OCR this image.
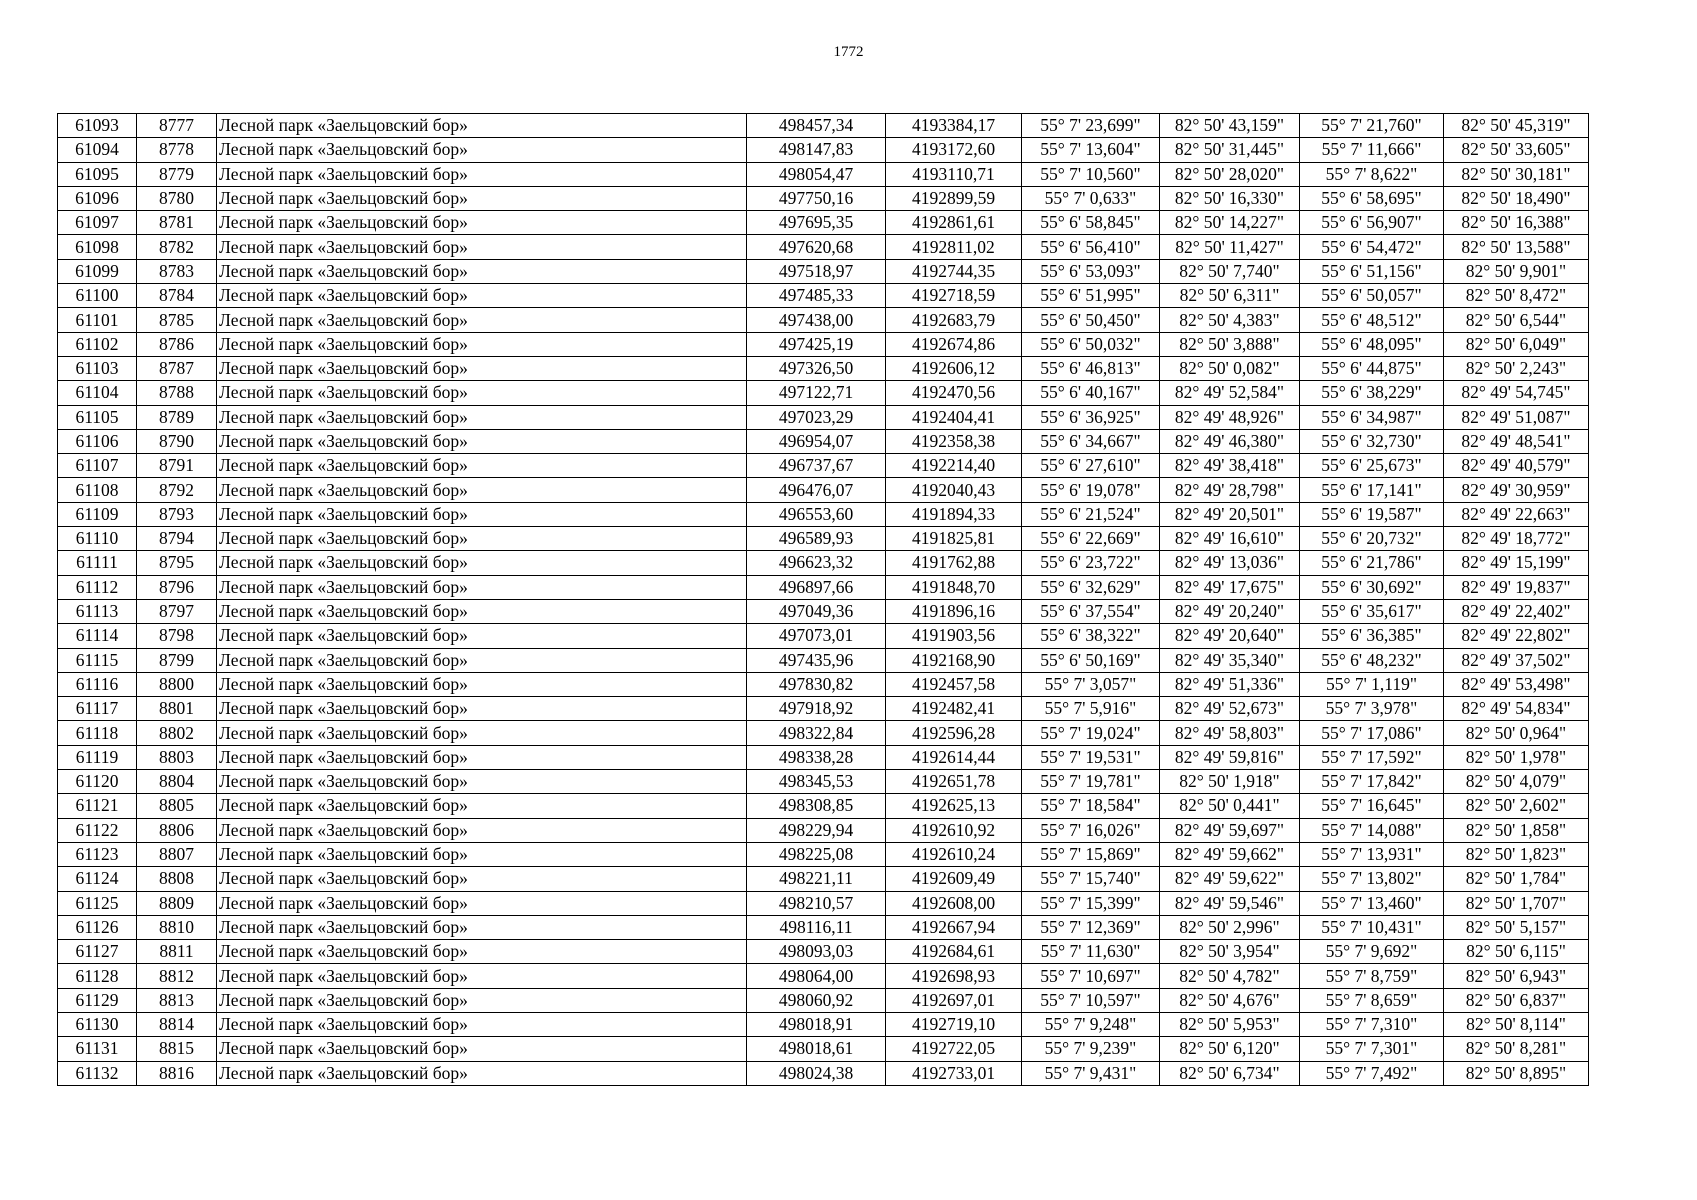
1772
61093	8777	Лесной парк «Заельцовский бор»	498457,34	4193384,17	55° 7' 23,699"	82° 50' 43,159"	55° 7' 21,760"	82° 50' 45,319"
61094	8778	Лесной парк «Заельцовский бор»	498147,83	4193172,60	55° 7' 13,604"	82° 50' 31,445"	55° 7' 11,666"	82° 50' 33,605"
61095	8779	Лесной парк «Заельцовский бор»	498054,47	4193110,71	55° 7' 10,560"	82° 50' 28,020"	55° 7' 8,622"	82° 50' 30,181"
61096	8780	Лесной парк «Заельцовский бор»	497750,16	4192899,59	55° 7' 0,633"	82° 50' 16,330"	55° 6' 58,695"	82° 50' 18,490"
61097	8781	Лесной парк «Заельцовский бор»	497695,35	4192861,61	55° 6' 58,845"	82° 50' 14,227"	55° 6' 56,907"	82° 50' 16,388"
61098	8782	Лесной парк «Заельцовский бор»	497620,68	4192811,02	55° 6' 56,410"	82° 50' 11,427"	55° 6' 54,472"	82° 50' 13,588"
61099	8783	Лесной парк «Заельцовский бор»	497518,97	4192744,35	55° 6' 53,093"	82° 50' 7,740"	55° 6' 51,156"	82° 50' 9,901"
61100	8784	Лесной парк «Заельцовский бор»	497485,33	4192718,59	55° 6' 51,995"	82° 50' 6,311"	55° 6' 50,057"	82° 50' 8,472"
61101	8785	Лесной парк «Заельцовский бор»	497438,00	4192683,79	55° 6' 50,450"	82° 50' 4,383"	55° 6' 48,512"	82° 50' 6,544"
61102	8786	Лесной парк «Заельцовский бор»	497425,19	4192674,86	55° 6' 50,032"	82° 50' 3,888"	55° 6' 48,095"	82° 50' 6,049"
61103	8787	Лесной парк «Заельцовский бор»	497326,50	4192606,12	55° 6' 46,813"	82° 50' 0,082"	55° 6' 44,875"	82° 50' 2,243"
61104	8788	Лесной парк «Заельцовский бор»	497122,71	4192470,56	55° 6' 40,167"	82° 49' 52,584"	55° 6' 38,229"	82° 49' 54,745"
61105	8789	Лесной парк «Заельцовский бор»	497023,29	4192404,41	55° 6' 36,925"	82° 49' 48,926"	55° 6' 34,987"	82° 49' 51,087"
61106	8790	Лесной парк «Заельцовский бор»	496954,07	4192358,38	55° 6' 34,667"	82° 49' 46,380"	55° 6' 32,730"	82° 49' 48,541"
61107	8791	Лесной парк «Заельцовский бор»	496737,67	4192214,40	55° 6' 27,610"	82° 49' 38,418"	55° 6' 25,673"	82° 49' 40,579"
61108	8792	Лесной парк «Заельцовский бор»	496476,07	4192040,43	55° 6' 19,078"	82° 49' 28,798"	55° 6' 17,141"	82° 49' 30,959"
61109	8793	Лесной парк «Заельцовский бор»	496553,60	4191894,33	55° 6' 21,524"	82° 49' 20,501"	55° 6' 19,587"	82° 49' 22,663"
61110	8794	Лесной парк «Заельцовский бор»	496589,93	4191825,81	55° 6' 22,669"	82° 49' 16,610"	55° 6' 20,732"	82° 49' 18,772"
61111	8795	Лесной парк «Заельцовский бор»	496623,32	4191762,88	55° 6' 23,722"	82° 49' 13,036"	55° 6' 21,786"	82° 49' 15,199"
61112	8796	Лесной парк «Заельцовский бор»	496897,66	4191848,70	55° 6' 32,629"	82° 49' 17,675"	55° 6' 30,692"	82° 49' 19,837"
61113	8797	Лесной парк «Заельцовский бор»	497049,36	4191896,16	55° 6' 37,554"	82° 49' 20,240"	55° 6' 35,617"	82° 49' 22,402"
61114	8798	Лесной парк «Заельцовский бор»	497073,01	4191903,56	55° 6' 38,322"	82° 49' 20,640"	55° 6' 36,385"	82° 49' 22,802"
61115	8799	Лесной парк «Заельцовский бор»	497435,96	4192168,90	55° 6' 50,169"	82° 49' 35,340"	55° 6' 48,232"	82° 49' 37,502"
61116	8800	Лесной парк «Заельцовский бор»	497830,82	4192457,58	55° 7' 3,057"	82° 49' 51,336"	55° 7' 1,119"	82° 49' 53,498"
61117	8801	Лесной парк «Заельцовский бор»	497918,92	4192482,41	55° 7' 5,916"	82° 49' 52,673"	55° 7' 3,978"	82° 49' 54,834"
61118	8802	Лесной парк «Заельцовский бор»	498322,84	4192596,28	55° 7' 19,024"	82° 49' 58,803"	55° 7' 17,086"	82° 50' 0,964"
61119	8803	Лесной парк «Заельцовский бор»	498338,28	4192614,44	55° 7' 19,531"	82° 49' 59,816"	55° 7' 17,592"	82° 50' 1,978"
61120	8804	Лесной парк «Заельцовский бор»	498345,53	4192651,78	55° 7' 19,781"	82° 50' 1,918"	55° 7' 17,842"	82° 50' 4,079"
61121	8805	Лесной парк «Заельцовский бор»	498308,85	4192625,13	55° 7' 18,584"	82° 50' 0,441"	55° 7' 16,645"	82° 50' 2,602"
61122	8806	Лесной парк «Заельцовский бор»	498229,94	4192610,92	55° 7' 16,026"	82° 49' 59,697"	55° 7' 14,088"	82° 50' 1,858"
61123	8807	Лесной парк «Заельцовский бор»	498225,08	4192610,24	55° 7' 15,869"	82° 49' 59,662"	55° 7' 13,931"	82° 50' 1,823"
61124	8808	Лесной парк «Заельцовский бор»	498221,11	4192609,49	55° 7' 15,740"	82° 49' 59,622"	55° 7' 13,802"	82° 50' 1,784"
61125	8809	Лесной парк «Заельцовский бор»	498210,57	4192608,00	55° 7' 15,399"	82° 49' 59,546"	55° 7' 13,460"	82° 50' 1,707"
61126	8810	Лесной парк «Заельцовский бор»	498116,11	4192667,94	55° 7' 12,369"	82° 50' 2,996"	55° 7' 10,431"	82° 50' 5,157"
61127	8811	Лесной парк «Заельцовский бор»	498093,03	4192684,61	55° 7' 11,630"	82° 50' 3,954"	55° 7' 9,692"	82° 50' 6,115"
61128	8812	Лесной парк «Заельцовский бор»	498064,00	4192698,93	55° 7' 10,697"	82° 50' 4,782"	55° 7' 8,759"	82° 50' 6,943"
61129	8813	Лесной парк «Заельцовский бор»	498060,92	4192697,01	55° 7' 10,597"	82° 50' 4,676"	55° 7' 8,659"	82° 50' 6,837"
61130	8814	Лесной парк «Заельцовский бор»	498018,91	4192719,10	55° 7' 9,248"	82° 50' 5,953"	55° 7' 7,310"	82° 50' 8,114"
61131	8815	Лесной парк «Заельцовский бор»	498018,61	4192722,05	55° 7' 9,239"	82° 50' 6,120"	55° 7' 7,301"	82° 50' 8,281"
61132	8816	Лесной парк «Заельцовский бор»	498024,38	4192733,01	55° 7' 9,431"	82° 50' 6,734"	55° 7' 7,492"	82° 50' 8,895"
